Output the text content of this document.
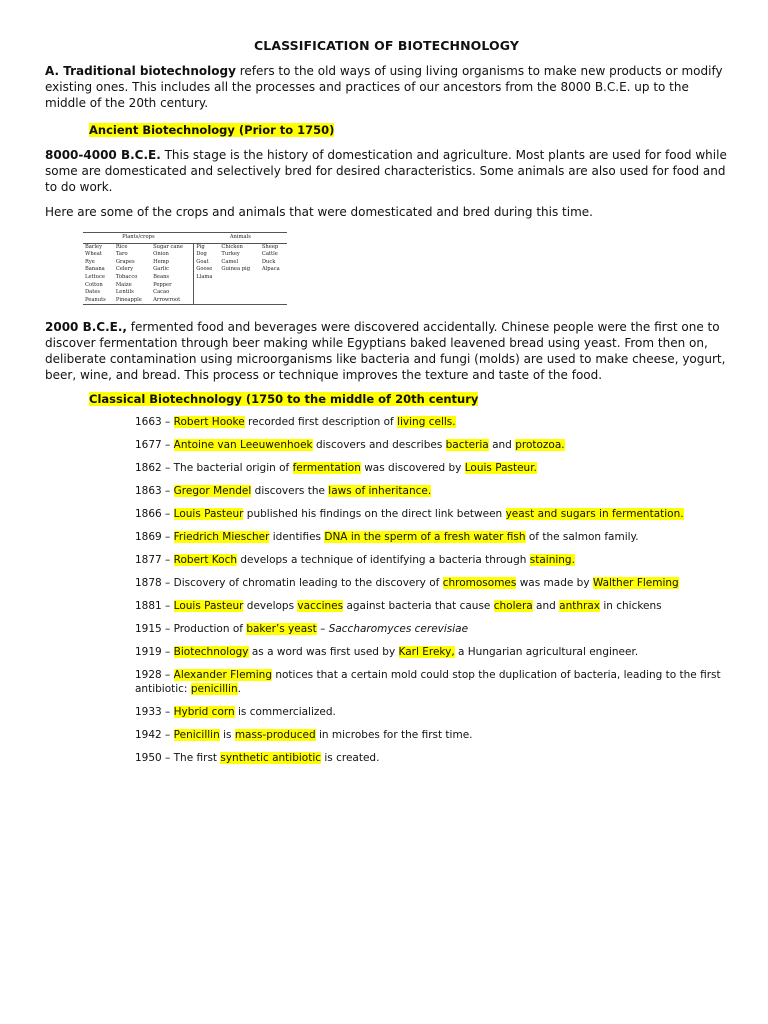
CLASSIFICATION OF BIOTECHNOLOGY

A. Traditional biotechnology refers to the old ways of using living organisms to make new products or modify existing ones. This includes all the processes and practices of our ancestors from the 8000 B.C.E. up to the middle of the 20th century.

Ancient Biotechnology (Prior to 1750)

8000-4000 B.C.E. This stage is the history of domestication and agriculture. Most plants are used for food while some are domesticated and selectively bred for desired characteristics. Some animals are also used for food and to do work.

Here are some of the crops and animals that were domesticated and bred during this time.

Plants/crops			Animals		
Barley	Rice	Sugar cane	Pig	Chicken	Sheep
Wheat	Taro	Onion	Dog	Turkey	Cattle
Rye	Grapes	Hemp	Goat	Camel	Duck
Banana	Celery	Garlic	Goose	Guinea pig	Alpaca
Lettuce	Tobacco	Beans	Llama		
Cotton	Maize	Pepper			
Dates	Lentils	Cacao			
Peanuts	Pineapple	Arrowroot			

2000 B.C.E., fermented food and beverages were discovered accidentally. Chinese people were the first one to discover fermentation through beer making while Egyptians baked leavened bread using yeast. From then on, deliberate contamination using microorganisms like bacteria and fungi (molds) are used to make cheese, yogurt, beer, wine, and bread. This process or technique improves the texture and taste of the food.

Classical Biotechnology (1750 to the middle of 20th century
1663 – Robert Hooke recorded first description of living cells.
1677 – Antoine van Leeuwenhoek discovers and describes bacteria and protozoa.
1862 – The bacterial origin of fermentation was discovered by Louis Pasteur.
1863 – Gregor Mendel discovers the laws of inheritance.
1866 – Louis Pasteur published his findings on the direct link between yeast and sugars in fermentation.
1869 – Friedrich Miescher identifies DNA in the sperm of a fresh water fish of the salmon family.
1877 – Robert Koch develops a technique of identifying a bacteria through staining.
1878 – Discovery of chromatin leading to the discovery of chromosomes was made by Walther Fleming
1881 – Louis Pasteur develops vaccines against bacteria that cause cholera and anthrax in chickens
1915 – Production of baker’s yeast – Saccharomyces cerevisiae
1919 – Biotechnology as a word was first used by Karl Ereky, a Hungarian agricultural engineer.
1928 – Alexander Fleming notices that a certain mold could stop the duplication of bacteria, leading to the first antibiotic: penicillin.
1933 – Hybrid corn is commercialized.
1942 – Penicillin is mass-produced in microbes for the first time.
1950 – The first synthetic antibiotic is created.
